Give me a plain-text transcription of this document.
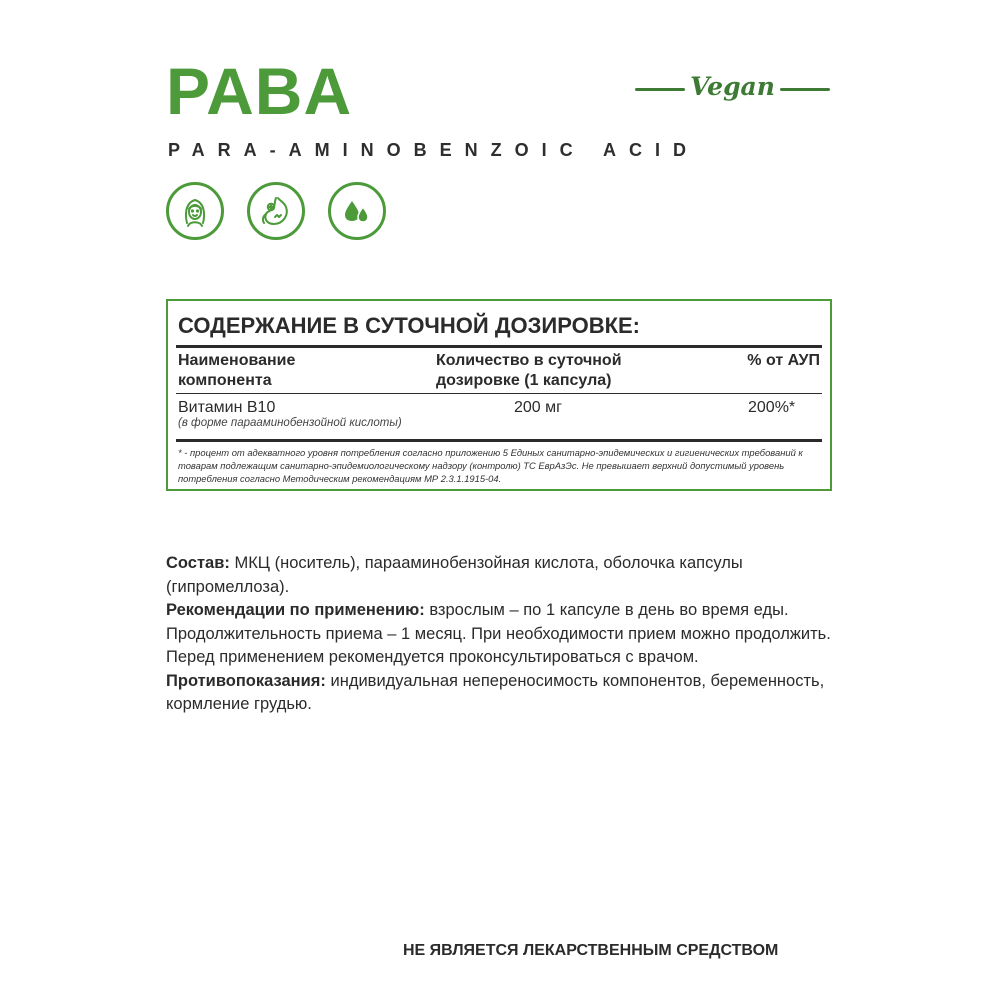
PABA
PARA-AMINOBENZOIC ACID
Vegan
СОДЕРЖАНИЕ В СУТОЧНОЙ ДОЗИРОВКЕ:
Наименование
компонента
Количество в суточной
дозировке (1 капсула)
% от АУП
Витамин B10
(в форме парааминобензойной кислоты)
200 мг	200%*
* - процент от адекватного уровня потребления согласно приложению 5 Единых санитарно-эпидемических и гигиенических требований к товарам подлежащим санитарно-эпидемиологическому надзору (контролю) ТС ЕврАзЭс. Не превышает верхний допустимый уровень потребления согласно Методическим рекомендациям МР 2.3.1.1915-04.

Состав: МКЦ (носитель), парааминобензойная кислота, оболочка капсулы (гипромеллоза).

Рекомендации по применению: взрослым – по 1 капсуле в день во время еды. Продолжительность приема – 1 месяц. При необходимости прием можно продолжить. Перед применением рекомендуется проконсультироваться с врачом.

Противопоказания: индивидуальная непереносимость компонентов, беременность, кормление грудью.

НЕ ЯВЛЯЕТСЯ ЛЕКАРСТВЕННЫМ СРЕДСТВОМ
